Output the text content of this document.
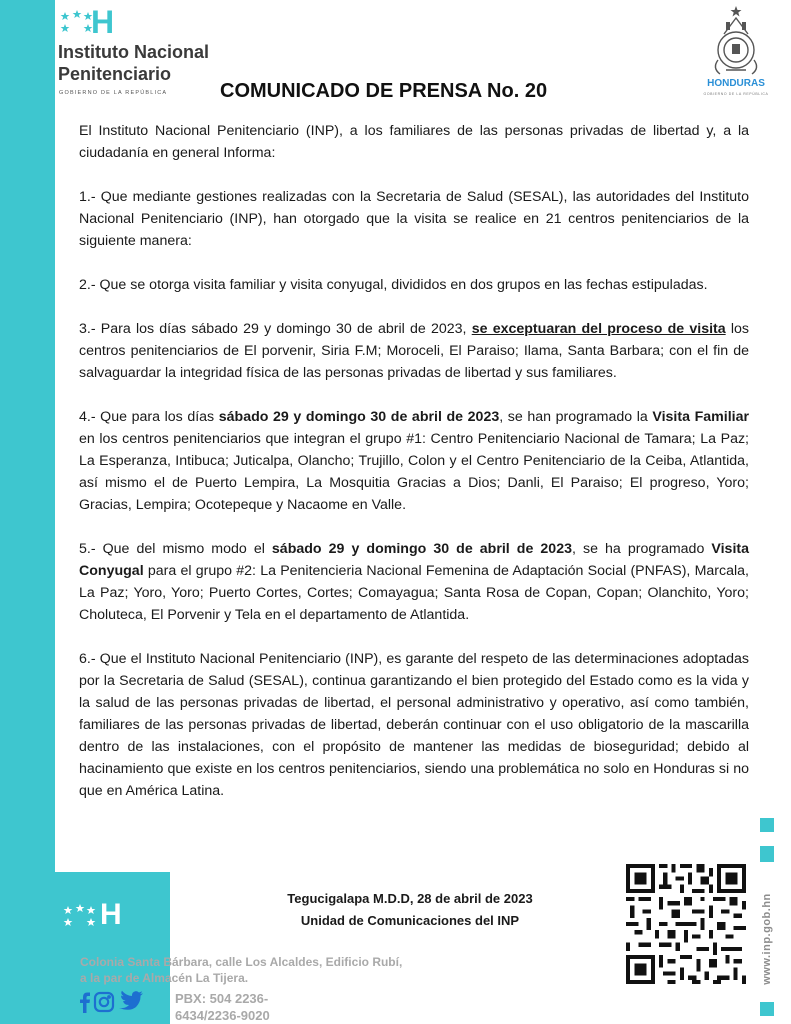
H
Instituto Nacional
Penitenciario
GOBIERNO DE LA REPÚBLICA	COMUNICADO DE PRENSA No. 20	HONDURAS
GOBIERNO DE LA REPÚBLICA

El Instituto Nacional Penitenciario (INP), a los familiares de las personas privadas de libertad y, a la ciudadanía en general Informa:

1.- Que mediante gestiones realizadas con la Secretaria de Salud (SESAL), las autoridades del Instituto Nacional Penitenciario (INP), han otorgado que la visita se realice en 21 centros penitenciarios de la siguiente manera:

2.- Que se otorga visita familiar y visita conyugal, divididos en dos grupos en las fechas estipuladas.

3.- Para los días sábado 29 y domingo 30 de abril de 2023, se exceptuaran del proceso de visita los centros penitenciarios de El porvenir, Siria F.M; Moroceli, El Paraiso; Ilama, Santa Barbara; con el fin de salvaguardar la integridad física de las personas privadas de libertad y sus familiares.

4.- Que para los días sábado 29 y domingo 30 de abril de 2023, se han programado la Visita Familiar en los centros penitenciarios que integran el grupo #1: Centro Penitenciario Nacional de Tamara; La Paz; La Esperanza, Intibuca; Juticalpa, Olancho; Trujillo, Colon y el Centro Penitenciario de la Ceiba, Atlantida, así mismo el de Puerto Lempira, La Mosquitia Gracias a Dios; Danli, El Paraiso; El progreso, Yoro; Gracias, Lempira; Ocotepeque y Nacaome en Valle.

5.- Que del mismo modo el sábado 29 y domingo 30 de abril de 2023, se ha programado Visita Conyugal para el grupo #2: La Penitencieria Nacional Femenina de Adaptación Social (PNFAS), Marcala, La Paz; Yoro, Yoro; Puerto Cortes, Cortes; Comayagua; Santa Rosa de Copan, Copan; Olanchito, Yoro; Choluteca, El Porvenir y Tela en el departamento de Atlantida.

6.- Que el Instituto Nacional Penitenciario (INP), es garante del respeto de las determinaciones adoptadas por la Secretaria de Salud (SESAL), continua garantizando el bien protegido del Estado como es la vida y la salud de las personas privadas de libertad, el personal administrativo y operativo, así como también, familiares de las personas privadas de libertad, deberán continuar con el uso obligatorio de la mascarilla dentro de las instalaciones, con el propósito de mantener las medidas de bioseguridad; debido al hacinamiento que existe en los centros penitenciarios, siendo una problemática no solo en Honduras si no que en América Latina.

Tegucigalapa M.D.D, 28 de abril de 2023
Unidad de Comunicaciones del INP
H
Colonia Santa Bárbara, calle Los Alcaldes, Edificio Rubí, a la par de Almacén La Tijera.
PBX: 504 2236-6434/2236-9020
www.inp.gob.hn
